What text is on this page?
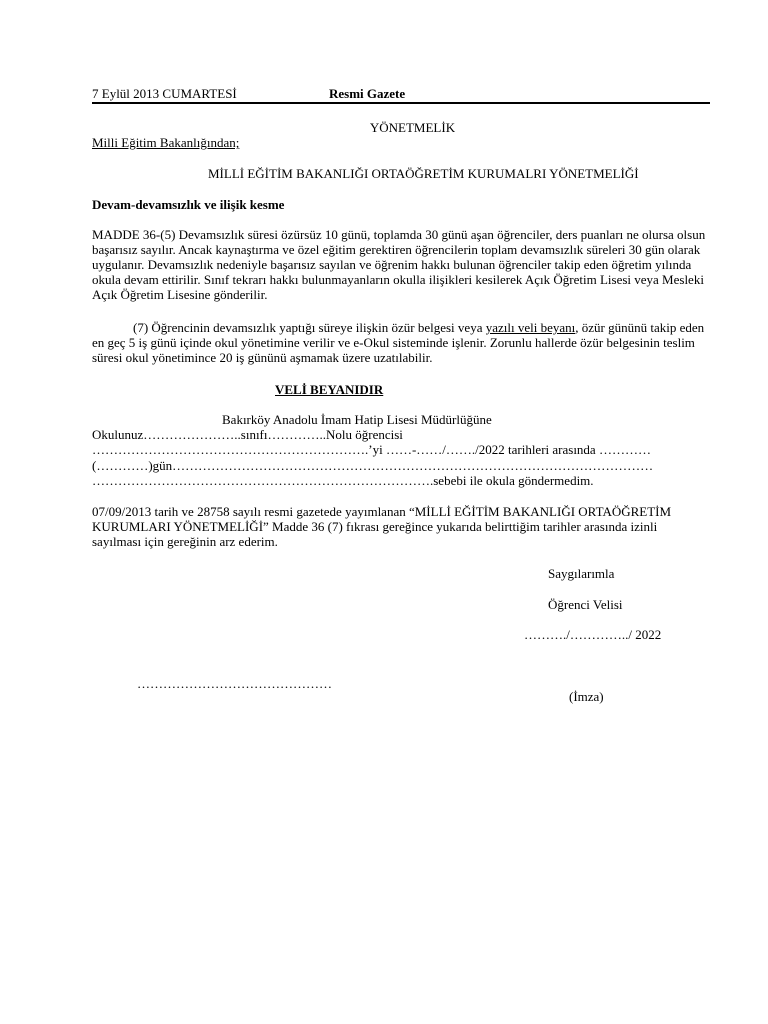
7 Eylül 2013 CUMARTESİ	Resmi Gazete
YÖNETMELİK
Milli Eğitim Bakanlığından;
MİLLİ EĞİTİM BAKANLIĞI ORTAÖĞRETİM KURUMALRI YÖNETMELİĞİ
Devam-devamsızlık ve ilişik kesme
MADDE 36-(5) Devamsızlık süresi özürsüz 10 günü, toplamda 30 günü aşan öğrenciler, ders puanları ne olursa olsun başarısız sayılır. Ancak kaynaştırma ve özel eğitim gerektiren öğrencilerin toplam devamsızlık süreleri 30 gün olarak uygulanır. Devamsızlık nedeniyle başarısız sayılan ve öğrenim hakkı bulunan öğrenciler takip eden öğretim yılında okula devam ettirilir. Sınıf tekrarı hakkı bulunmayanların okulla ilişikleri kesilerek Açık Öğretim Lisesi veya Mesleki Açık Öğretim Lisesine gönderilir.
(7) Öğrencinin devamsızlık yaptığı süreye ilişkin özür belgesi veya yazılı veli beyanı, özür gününü takip eden en geç 5 iş günü içinde okul yönetimine verilir ve e-Okul sisteminde işlenir. Zorunlu hallerde özür belgesinin teslim süresi okul yönetimince 20 iş gününü aşmamak üzere uzatılabilir.
VELİ BEYANIDIR
Bakırköy Anadolu İmam Hatip Lisesi Müdürlüğüne
Okulunuz…………………..sınıfı…………..Nolu öğrencisi
……………………………………………………….’yi ……-……/……./2022 tarihleri arasında …………
(…………)gün…………………………………………………………………………………………………
…………………………………………………………………….sebebi ile okula göndermedim.
07/09/2013 tarih ve 28758 sayılı resmi gazetede yayımlanan “MİLLİ EĞİTİM BAKANLIĞI ORTAÖĞRETİM KURUMLARI YÖNETMELİĞİ” Madde 36 (7) fıkrası gereğince yukarıda belirttiğim tarihler arasında izinli sayılması için gereğinin arz ederim.
Saygılarımla
Öğrenci Velisi
………./…………../ 2022
………………………………………
(İmza)
